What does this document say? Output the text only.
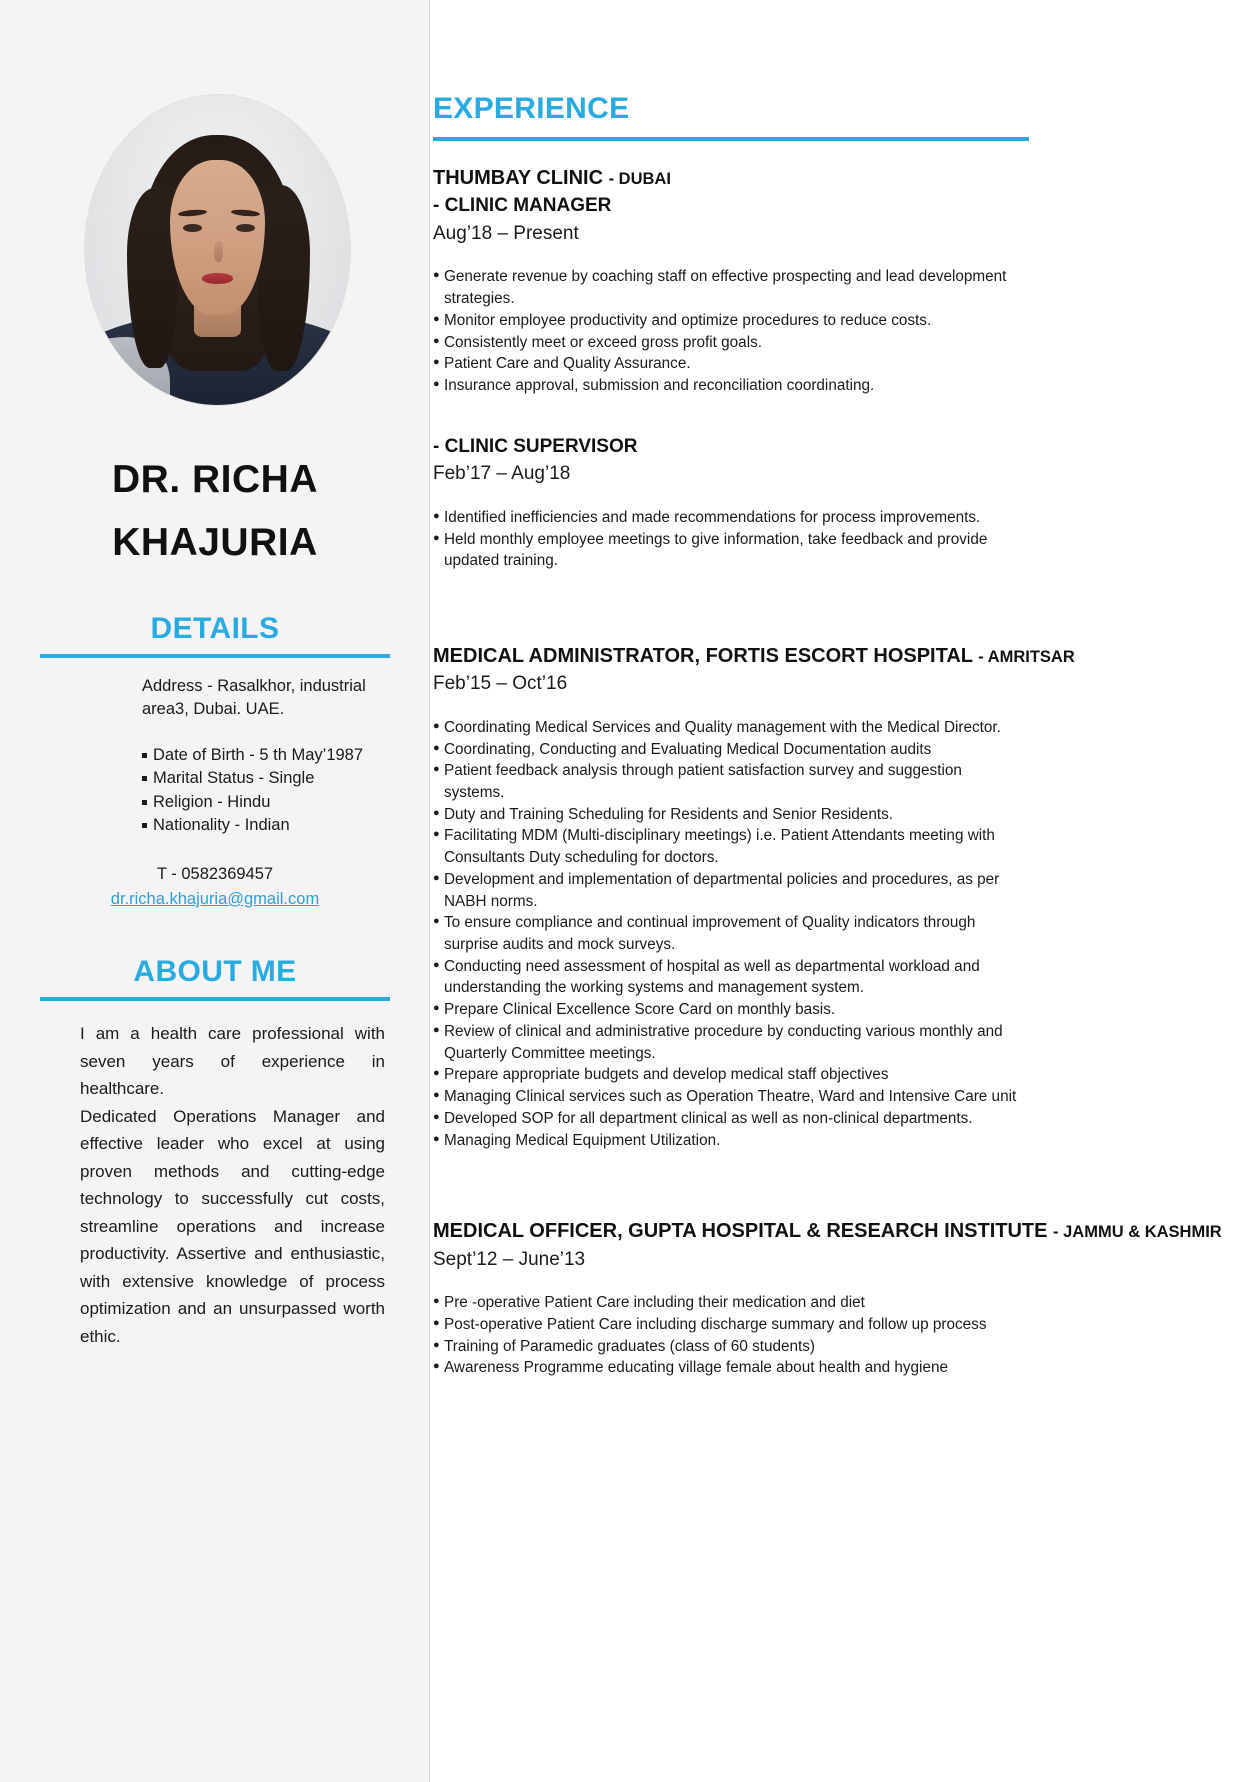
DR. RICHA
KHAJURIA
DETAILS
Address - Rasalkhor, industrial area3, Dubai. UAE.
Date of Birth - 5 th May’1987
Marital Status - Single
Religion - Hindu
Nationality - Indian
T - 0582369457
dr.richa.khajuria@gmail.com
ABOUT ME

I am a health care professional with seven years of experience in healthcare.

Dedicated Operations Manager and effective leader who excel at using proven methods and cutting-edge technology to successfully cut costs, streamline operations and increase productivity. Assertive and enthusiastic, with extensive knowledge of process optimization and an unsurpassed worth ethic.

EXPERIENCE
THUMBAY CLINIC - DUBAI
- CLINIC MANAGER
Aug’18 – Present
● Generate revenue by coaching staff on effective prospecting and lead development strategies.
● Monitor employee productivity and optimize procedures to reduce costs.
● Consistently meet or exceed gross profit goals.
● Patient Care and Quality Assurance.
● Insurance approval, submission and reconciliation coordinating.
- CLINIC SUPERVISOR
Feb’17 – Aug’18
● Identified inefficiencies and made recommendations for process improvements.
● Held monthly employee meetings to give information, take feedback and provide updated training.
MEDICAL ADMINISTRATOR, FORTIS ESCORT HOSPITAL - AMRITSAR
Feb’15 – Oct’16
● Coordinating Medical Services and Quality management with the Medical Director.
● Coordinating, Conducting and Evaluating Medical Documentation audits
● Patient feedback analysis through patient satisfaction survey and suggestion systems.
● Duty and Training Scheduling for Residents and Senior Residents.
● Facilitating MDM (Multi-disciplinary meetings) i.e. Patient Attendants meeting with Consultants Duty scheduling for doctors.
● Development and implementation of departmental policies and procedures, as per NABH norms.
● To ensure compliance and continual improvement of Quality indicators through surprise audits and mock surveys.
● Conducting need assessment of hospital as well as departmental workload and understanding the working systems and management system.
● Prepare Clinical Excellence Score Card on monthly basis.
● Review of clinical and administrative procedure by conducting various monthly and Quarterly Committee meetings.
● Prepare appropriate budgets and develop medical staff objectives
● Managing Clinical services such as Operation Theatre, Ward and Intensive Care unit
● Developed SOP for all department clinical as well as non-clinical departments.
● Managing Medical Equipment Utilization.
MEDICAL OFFICER, GUPTA HOSPITAL & RESEARCH INSTITUTE - JAMMU & KASHMIR
Sept’12 – June’13
● Pre -operative Patient Care including their medication and diet
● Post-operative Patient Care including discharge summary and follow up process
● Training of Paramedic graduates (class of 60 students)
● Awareness Programme educating village female about health and hygiene
